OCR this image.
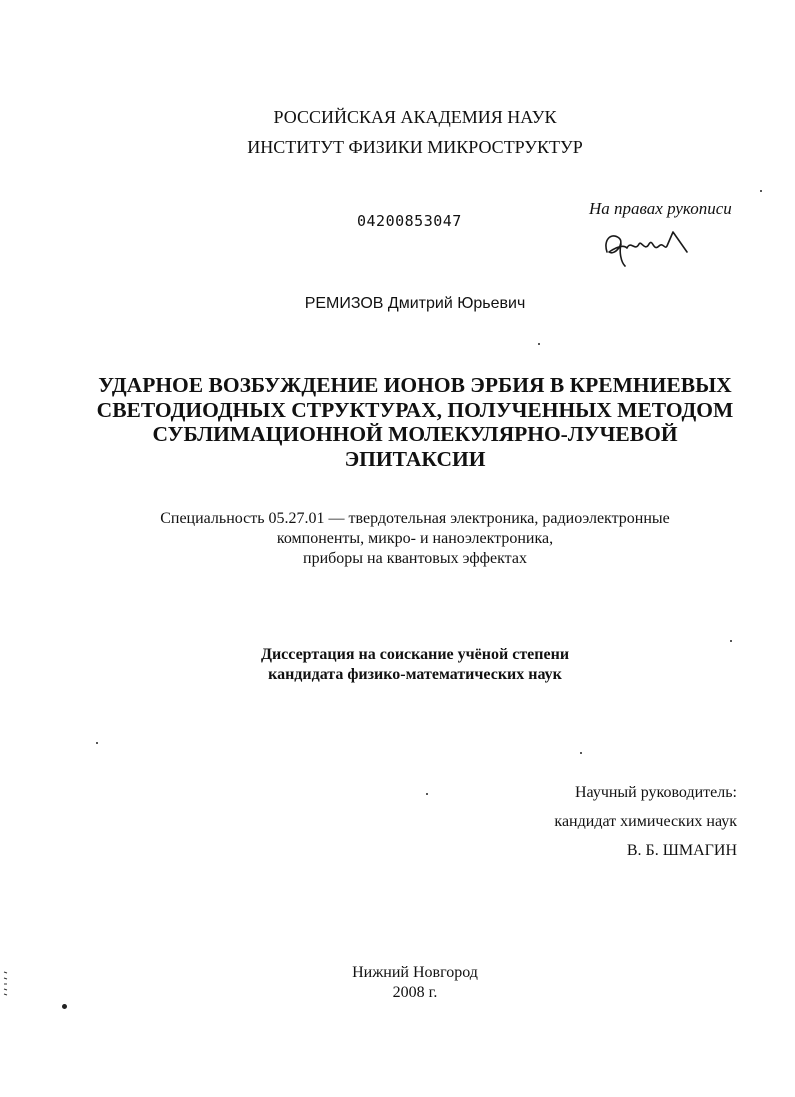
РОССИЙСКАЯ АКАДЕМИЯ НАУК
ИНСТИТУТ ФИЗИКИ МИКРОСТРУКТУР
04200853047
На правах рукописи
РЕМИЗОВ Дмитрий Юрьевич
УДАРНОЕ ВОЗБУЖДЕНИЕ ИОНОВ ЭРБИЯ В КРЕМНИЕВЫХ
СВЕТОДИОДНЫХ СТРУКТУРАХ, ПОЛУЧЕННЫХ МЕТОДОМ
СУБЛИМАЦИОННОЙ МОЛЕКУЛЯРНО-ЛУЧЕВОЙ
ЭПИТАКСИИ
Специальность 05.27.01 — твердотельная электроника, радиоэлектронные
компоненты, микро- и наноэлектроника,
приборы на квантовых эффектах
Диссертация на соискание учёной степени
кандидата физико-математических наук
Научный руководитель:
кандидат химических наук
В. Б. ШМАГИН
Нижний Новгород
2008 г.
